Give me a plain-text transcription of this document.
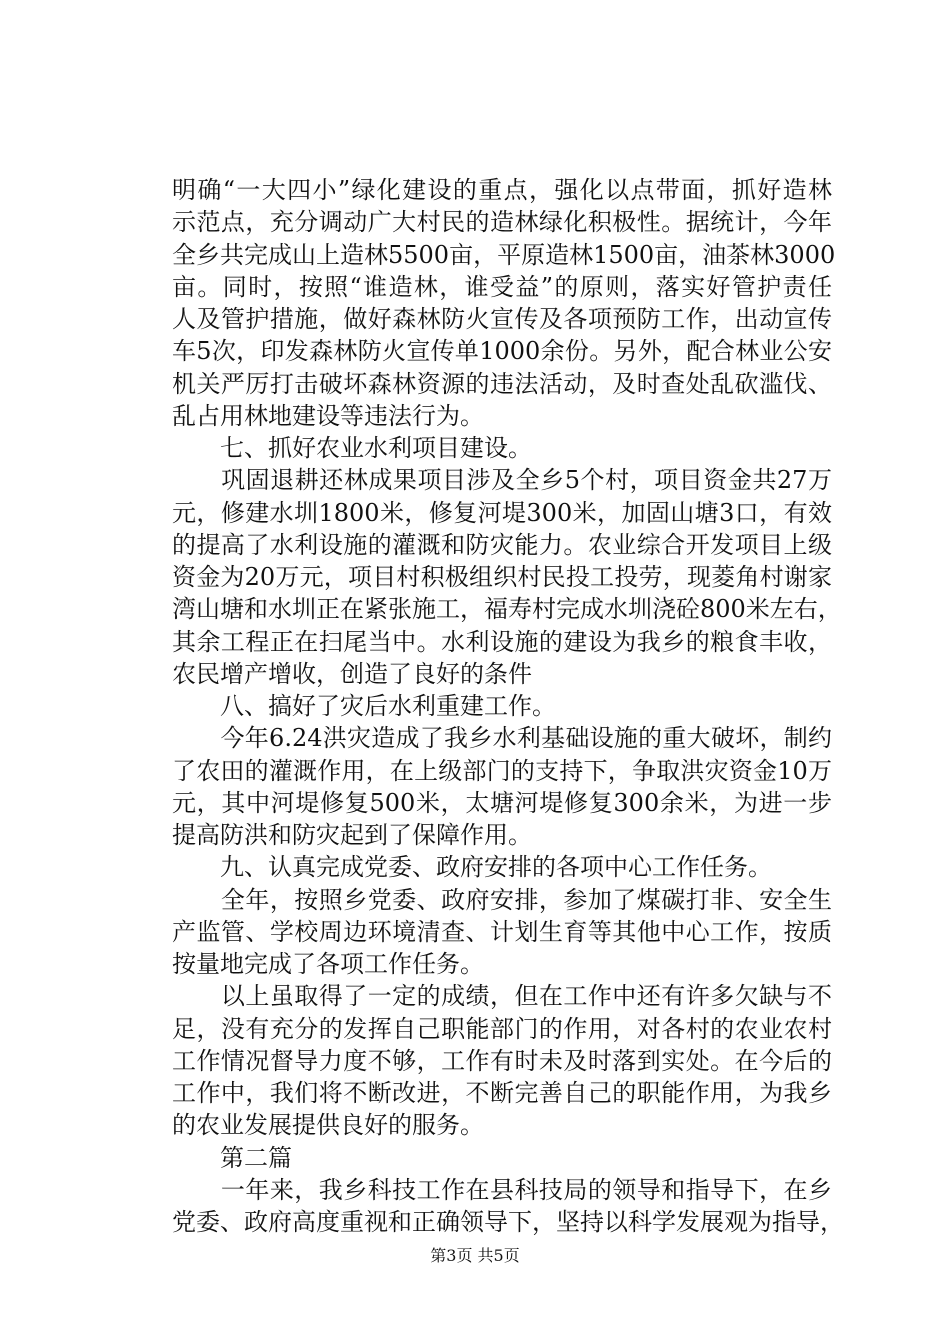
明确“一大四小”绿化建设的重点，强化以点带面，抓好造林
示范点，充分调动广大村民的造林绿化积极性。据统计，今年
全乡共完成山上造林5500亩，平原造林1500亩，油茶林3000
亩。同时，按照“谁造林，谁受益”的原则，落实好管护责任
人及管护措施，做好森林防火宣传及各项预防工作，出动宣传
车5次，印发森林防火宣传单1000余份。另外，配合林业公安
机关严厉打击破坏森林资源的违法活动，及时查处乱砍滥伐、
乱占用林地建设等违法行为。
　　七、抓好农业水利项目建设。
　　巩固退耕还林成果项目涉及全乡5个村，项目资金共27万
元，修建水圳1800米，修复河堤300米，加固山塘3口，有效
的提高了水利设施的灌溉和防灾能力。农业综合开发项目上级
资金为20万元，项目村积极组织村民投工投劳，现菱角村谢家
湾山塘和水圳正在紧张施工，福寿村完成水圳浇砼800米左右，
其余工程正在扫尾当中。水利设施的建设为我乡的粮食丰收，
农民增产增收，创造了良好的条件
　　八、搞好了灾后水利重建工作。
　　今年6.24洪灾造成了我乡水利基础设施的重大破坏，制约
了农田的灌溉作用，在上级部门的支持下，争取洪灾资金10万
元，其中河堤修复500米，太塘河堤修复300余米，为进一步
提高防洪和防灾起到了保障作用。
　　九、认真完成党委、政府安排的各项中心工作任务。
　　全年，按照乡党委、政府安排，参加了煤碳打非、安全生
产监管、学校周边环境清查、计划生育等其他中心工作，按质
按量地完成了各项工作任务。
　　以上虽取得了一定的成绩，但在工作中还有许多欠缺与不
足，没有充分的发挥自己职能部门的作用，对各村的农业农村
工作情况督导力度不够，工作有时未及时落到实处。在今后的
工作中，我们将不断改进，不断完善自己的职能作用，为我乡
的农业发展提供良好的服务。
　　第二篇
　　一年来，我乡科技工作在县科技局的领导和指导下，在乡
党委、政府高度重视和正确领导下，坚持以科学发展观为指导，
第3页 共5页
